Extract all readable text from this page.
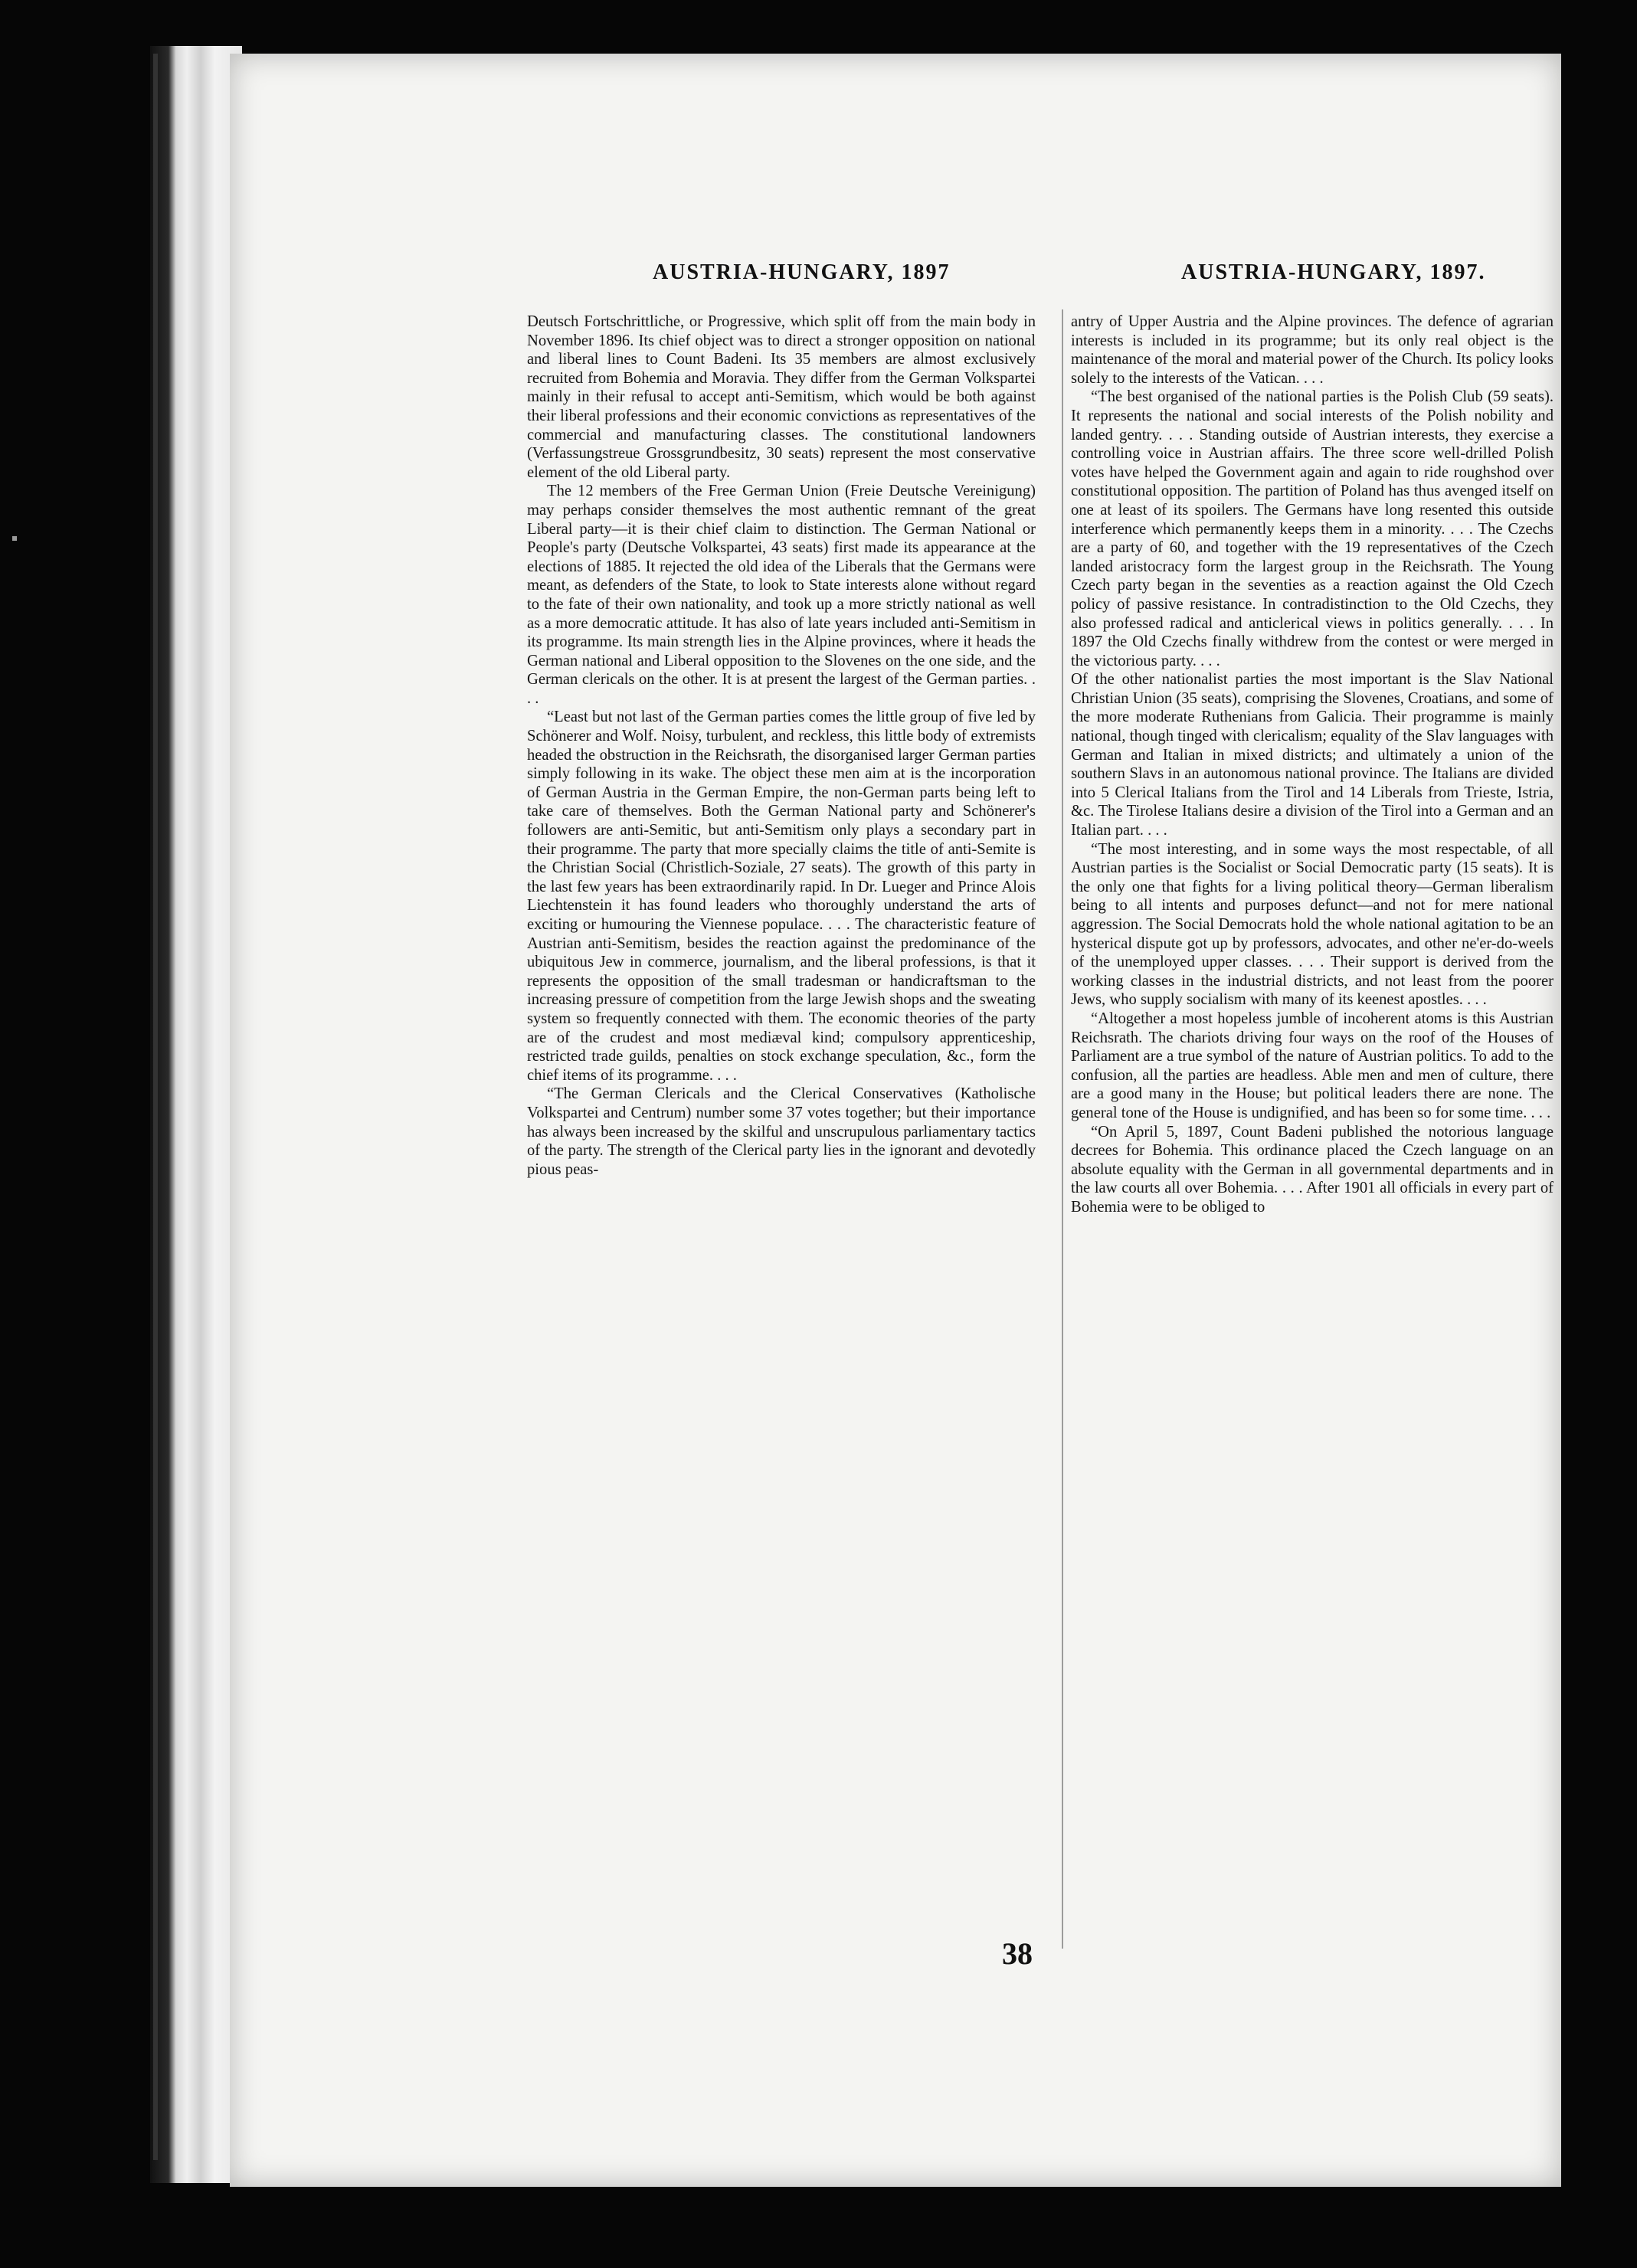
AUSTRIA-HUNGARY, 1897	AUSTRIA-HUNGARY, 1897.

Deutsch Fortschrittliche, or Progressive, which split off from the main body in November 1896. Its chief object was to direct a stronger opposition on national and liberal lines to Count Badeni. Its 35 members are almost exclusively recruited from Bohemia and Moravia. They differ from the German Volkspartei mainly in their refusal to accept anti-Semitism, which would be both against their liberal professions and their economic convictions as representatives of the commercial and manufacturing classes. The constitutional landowners (Verfassungstreue Grossgrundbesitz, 30 seats) represent the most conservative element of the old Liberal party.

The 12 members of the Free German Union (Freie Deutsche Vereinigung) may perhaps consider themselves the most authentic remnant of the great Liberal party—it is their chief claim to distinction. The German National or People's party (Deutsche Volkspartei, 43 seats) first made its appearance at the elections of 1885. It rejected the old idea of the Liberals that the Germans were meant, as defenders of the State, to look to State interests alone without regard to the fate of their own nationality, and took up a more strictly national as well as a more democratic attitude. It has also of late years included anti-Semitism in its programme. Its main strength lies in the Alpine provinces, where it heads the German national and Liberal opposition to the Slovenes on the one side, and the German clericals on the other. It is at present the largest of the German parties. . . .

“Least but not last of the German parties comes the little group of five led by Schönerer and Wolf. Noisy, turbulent, and reckless, this little body of extremists headed the obstruction in the Reichsrath, the disorganised larger German parties simply following in its wake. The object these men aim at is the incorporation of German Austria in the German Empire, the non-German parts being left to take care of themselves. Both the German National party and Schönerer's followers are anti-Semitic, but anti-Semitism only plays a secondary part in their programme. The party that more specially claims the title of anti-Semite is the Christian Social (Christlich-Soziale, 27 seats). The growth of this party in the last few years has been extraordinarily rapid. In Dr. Lueger and Prince Alois Liechtenstein it has found leaders who thoroughly understand the arts of exciting or humouring the Viennese populace. . . . The characteristic feature of Austrian anti-Semitism, besides the reaction against the predominance of the ubiquitous Jew in commerce, journalism, and the liberal professions, is that it represents the opposition of the small tradesman or handicraftsman to the increasing pressure of competition from the large Jewish shops and the sweating system so frequently connected with them. The economic theories of the party are of the crudest and most mediæval kind; compulsory apprenticeship, restricted trade guilds, penalties on stock exchange speculation, &c., form the chief items of its programme. . . .

“The German Clericals and the Clerical Conservatives (Katholische Volkspartei and Centrum) number some 37 votes together; but their importance has always been increased by the skilful and unscrupulous parliamentary tactics of the party. The strength of the Clerical party lies in the ignorant and devotedly pious peas-

antry of Upper Austria and the Alpine provinces. The defence of agrarian interests is included in its programme; but its only real object is the maintenance of the moral and material power of the Church. Its policy looks solely to the interests of the Vatican. . . .

“The best organised of the national parties is the Polish Club (59 seats). It represents the national and social interests of the Polish nobility and landed gentry. . . . Standing outside of Austrian interests, they exercise a controlling voice in Austrian affairs. The three score well-drilled Polish votes have helped the Government again and again to ride roughshod over constitutional opposition. The partition of Poland has thus avenged itself on one at least of its spoilers. The Germans have long resented this outside interference which permanently keeps them in a minority. . . . The Czechs are a party of 60, and together with the 19 representatives of the Czech landed aristocracy form the largest group in the Reichsrath. The Young Czech party began in the seventies as a reaction against the Old Czech policy of passive resistance. In contradistinction to the Old Czechs, they also professed radical and anticlerical views in politics generally. . . . In 1897 the Old Czechs finally withdrew from the contest or were merged in the victorious party. . . .

Of the other nationalist parties the most important is the Slav National Christian Union (35 seats), comprising the Slovenes, Croatians, and some of the more moderate Ruthenians from Galicia. Their programme is mainly national, though tinged with clericalism; equality of the Slav languages with German and Italian in mixed districts; and ultimately a union of the southern Slavs in an autonomous national province. The Italians are divided into 5 Clerical Italians from the Tirol and 14 Liberals from Trieste, Istria, &c. The Tirolese Italians desire a division of the Tirol into a German and an Italian part. . . .

“The most interesting, and in some ways the most respectable, of all Austrian parties is the Socialist or Social Democratic party (15 seats). It is the only one that fights for a living political theory—German liberalism being to all intents and purposes defunct—and not for mere national aggression. The Social Democrats hold the whole national agitation to be an hysterical dispute got up by professors, advocates, and other ne'er-do-weels of the unemployed upper classes. . . . Their support is derived from the working classes in the industrial districts, and not least from the poorer Jews, who supply socialism with many of its keenest apostles. . . .

“Altogether a most hopeless jumble of incoherent atoms is this Austrian Reichsrath. The chariots driving four ways on the roof of the Houses of Parliament are a true symbol of the nature of Austrian politics. To add to the confusion, all the parties are headless. Able men and men of culture, there are a good many in the House; but political leaders there are none. The general tone of the House is undignified, and has been so for some time. . . .

“On April 5, 1897, Count Badeni published the notorious language decrees for Bohemia. This ordinance placed the Czech language on an absolute equality with the German in all governmental departments and in the law courts all over Bohemia. . . . After 1901 all officials in every part of Bohemia were to be obliged to

38
